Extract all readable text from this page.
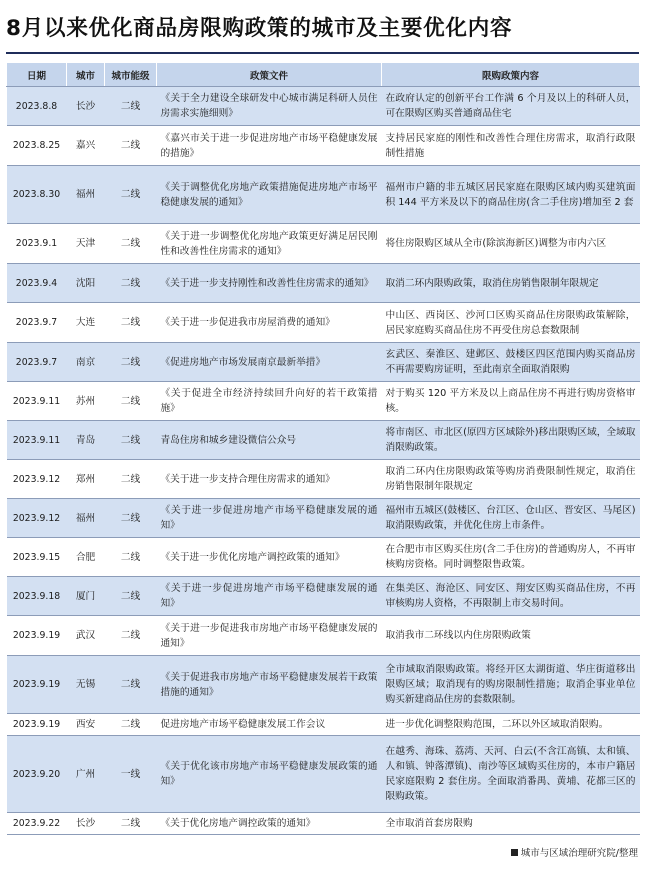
8月以来优化商品房限购政策的城市及主要优化内容
日期	城市	城市能级	政策文件	限购政策内容
2023.8.8	长沙	二线	《关于全力建设全球研发中心城市满足科研人员住房需求实施细则》	在政府认定的创新平台工作满 6 个月及以上的科研人员，可在限购区购买普通商品住宅
2023.8.25	嘉兴	二线	《嘉兴市关于进一步促进房地产市场平稳健康发展的措施》	支持居民家庭的刚性和改善性合理住房需求，取消行政限制性措施
2023.8.30	福州	二线	《关于调整优化房地产政策措施促进房地产市场平稳健康发展的通知》	福州市户籍的非五城区居民家庭在限购区域内购买建筑面积 144 平方米及以下的商品住房(含二手住房)增加至 2 套
2023.9.1	天津	二线	《关于进一步调整优化房地产政策更好满足居民刚性和改善性住房需求的通知》	将住房限购区域从全市(除滨海新区)调整为市内六区
2023.9.4	沈阳	二线	《关于进一步支持刚性和改善性住房需求的通知》	取消二环内限购政策，取消住房销售限制年限规定
2023.9.7	大连	二线	《关于进一步促进我市房屋消费的通知》	中山区、西岗区、沙河口区购买商品住房限购政策解除，居民家庭购买商品住房不再受住房总套数限制
2023.9.7	南京	二线	《促进房地产市场发展南京最新举措》	玄武区、秦淮区、建邺区、鼓楼区四区范围内购买商品房不再需要购房证明，至此南京全面取消限购
2023.9.11	苏州	二线	《关于促进全市经济持续回升向好的若干政策措施》	对于购买 120 平方米及以上商品住房不再进行购房资格审核。
2023.9.11	青岛	二线	青岛住房和城乡建设微信公众号	将市南区、市北区(原四方区域除外)移出限购区域，全域取消限购政策。
2023.9.12	郑州	二线	《关于进一步支持合理住房需求的通知》	取消二环内住房限购政策等购房消费限制性规定，取消住房销售限制年限规定
2023.9.12	福州	二线	《关于进一步促进房地产市场平稳健康发展的通知》	福州市五城区(鼓楼区、台江区、仓山区、晋安区、马尾区)取消限购政策，并优化住房上市条件。
2023.9.15	合肥	二线	《关于进一步优化房地产调控政策的通知》	在合肥市市区购买住房(含二手住房)的普通购房人，不再审核购房资格。同时调整限售政策。
2023.9.18	厦门	二线	《关于进一步促进房地产市场平稳健康发展的通知》	在集美区、海沧区、同安区、翔安区购买商品住房，不再审核购房人资格，不再限制上市交易时间。
2023.9.19	武汉	二线	《关于进一步促进我市房地产市场平稳健康发展的通知》	取消我市二环线以内住房限购政策
2023.9.19	无锡	二线	《关于促进我市房地产市场平稳健康发展若干政策措施的通知》	全市域取消限购政策。将经开区太湖街道、华庄街道移出限购区域；取消现有的购房限制性措施；取消企事业单位购买新建商品住房的套数限制。
2023.9.19	西安	二线	促进房地产市场平稳健康发展工作会议	进一步优化调整限购范围，二环以外区域取消限购。
2023.9.20	广州	一线	《关于优化该市房地产市场平稳健康发展政策的通知》	在越秀、海珠、荔湾、天河、白云(不含江高镇、太和镇、人和镇、钟落潭镇)、南沙等区域购买住房的，本市户籍居民家庭限购 2 套住房。全面取消番禺、黄埔、花都三区的限购政策。
2023.9.22	长沙	二线	《关于优化房地产调控政策的通知》	全市取消首套房限购
城市与区域治理研究院/整理
